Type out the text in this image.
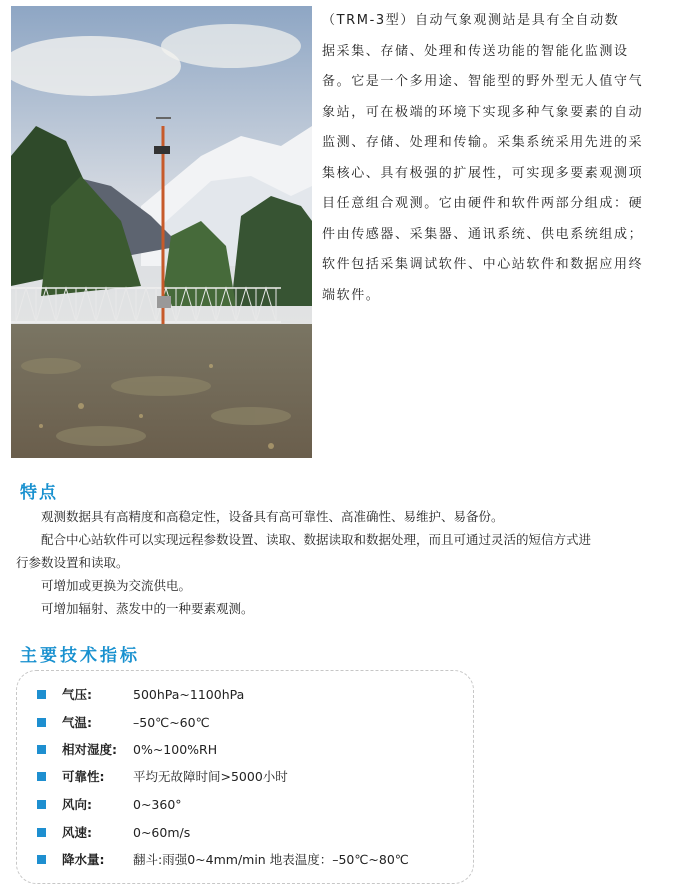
（TRM-3型）自动气象观测站是具有全自动数
据采集、存储、处理和传送功能的智能化监测设
备。它是一个多用途、智能型的野外型无人值守气
象站，可在极端的环境下实现多种气象要素的自动
监测、存储、处理和传输。采集系统采用先进的采
集核心、具有极强的扩展性，可实现多要素观测项
目任意组合观测。它由硬件和软件两部分组成：硬
件由传感器、采集器、通讯系统、供电系统组成；
软件包括采集调试软件、中心站软件和数据应用终
端软件。
特点
　　观测数据具有高精度和高稳定性，设备具有高可靠性、高准确性、易维护、易备份。
　　配合中心站软件可以实现远程参数设置、读取、数据读取和数据处理，而且可通过灵活的短信方式进
行参数设置和读取。
　　可增加或更换为交流供电。
　　可增加辐射、蒸发中的一种要素观测。
主要技术指标
气压:	500hPa~1100hPa
气温:	–50℃~60℃
相对湿度:	0%~100%RH
可靠性:	平均无故障时间>5000小时
风向:	0~360°
风速:	0~60m/s
降水量:	翻斗:雨强0~4mm/min 地表温度：–50℃~80℃
